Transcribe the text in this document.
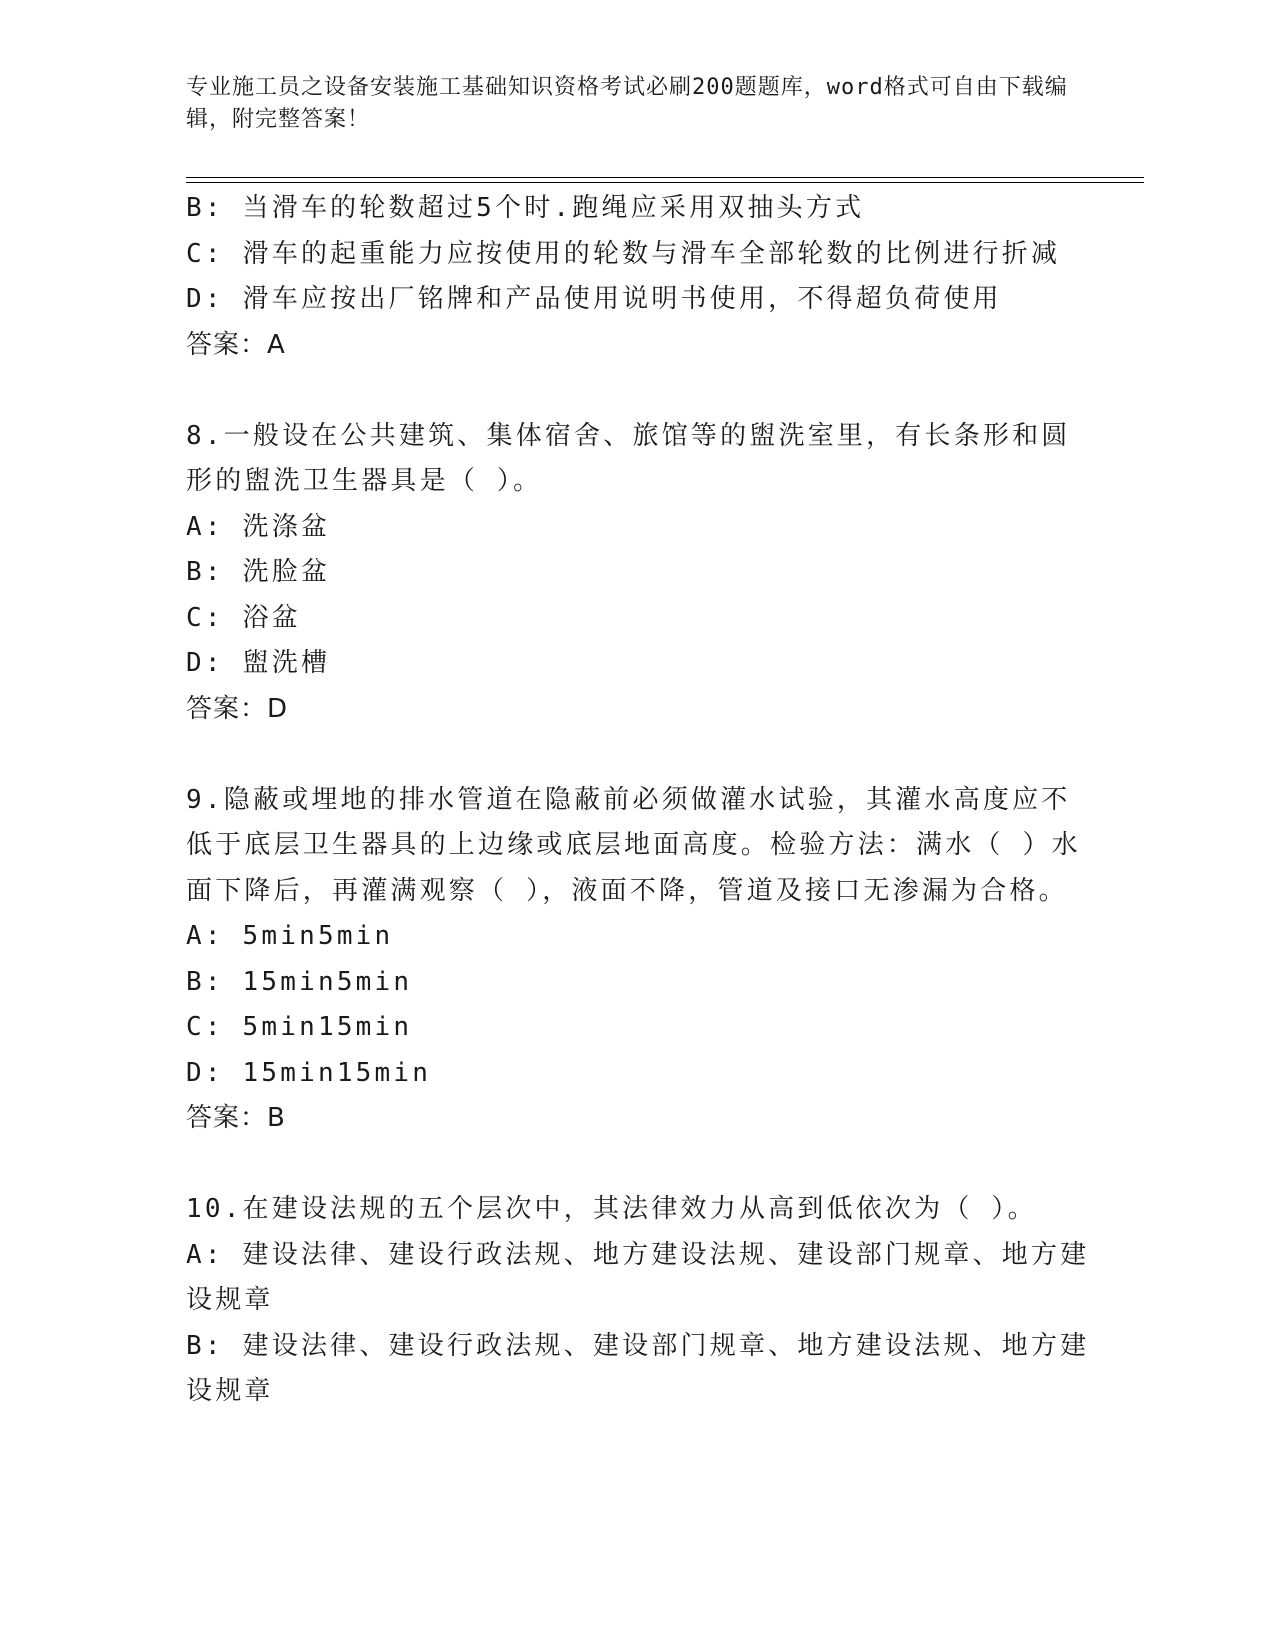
专业施工员之设备安装施工基础知识资格考试必刷200题题库，word格式可自由下载编辑，附完整答案！
B: 当滑车的轮数超过5个时.跑绳应采用双抽头方式
C: 滑车的起重能力应按使用的轮数与滑车全部轮数的比例进行折减
D: 滑车应按出厂铭牌和产品使用说明书使用，不得超负荷使用
答案：A
8.一般设在公共建筑、集体宿舍、旅馆等的盥洗室里，有长条形和圆
形的盥洗卫生器具是（ ）。
A: 洗涤盆
B: 洗脸盆
C: 浴盆
D: 盥洗槽
答案：D
9.隐蔽或埋地的排水管道在隐蔽前必须做灌水试验，其灌水高度应不
低于底层卫生器具的上边缘或底层地面高度。检验方法：满水（ ）水
面下降后，再灌满观察（ ），液面不降，管道及接口无渗漏为合格。
A: 5min5min
B: 15min5min
C: 5min15min
D: 15min15min
答案：B
10.在建设法规的五个层次中，其法律效力从高到低依次为（ ）。
A: 建设法律、建设行政法规、地方建设法规、建设部门规章、地方建
设规章
B: 建设法律、建设行政法规、建设部门规章、地方建设法规、地方建
设规章
